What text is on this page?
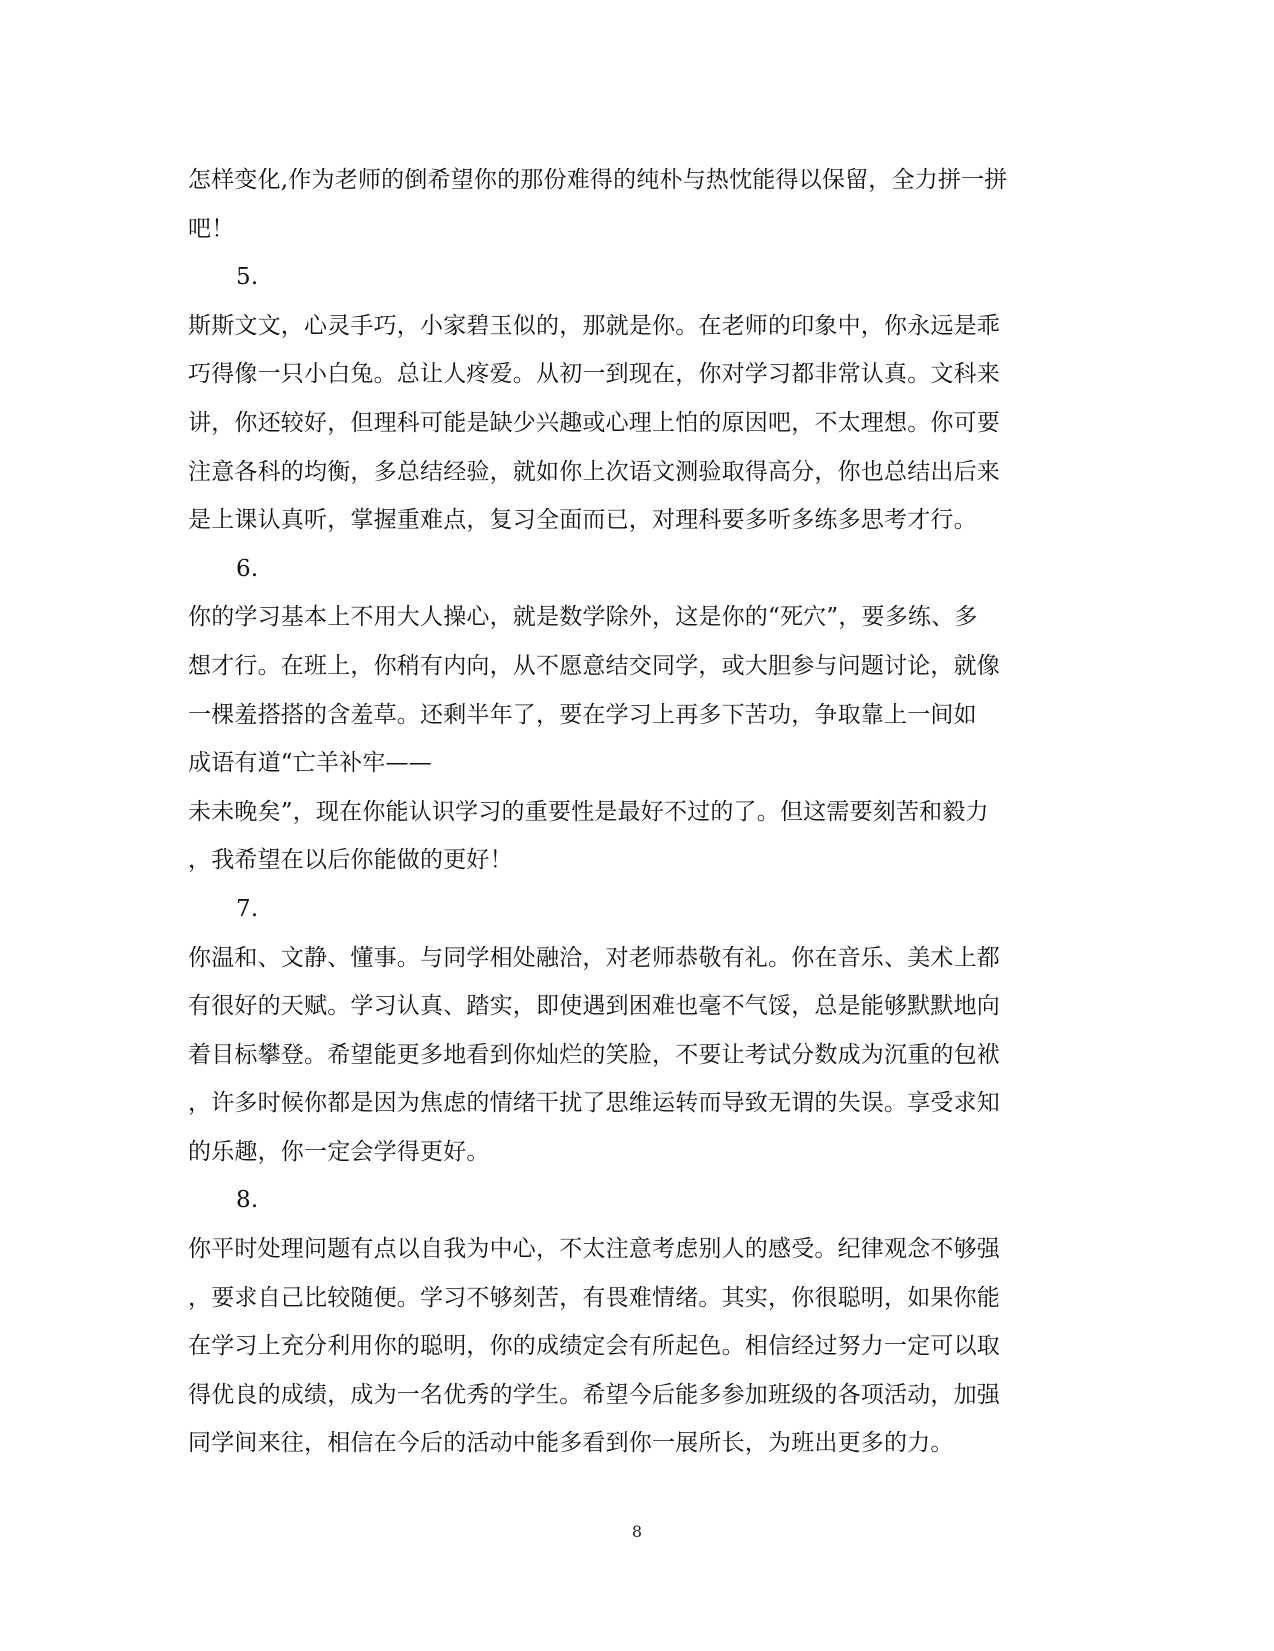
怎样变化,作为老师的倒希望你的那份难得的纯朴与热忱能得以保留，全力拼一拼
吧！
5.
斯斯文文，心灵手巧，小家碧玉似的，那就是你。在老师的印象中，你永远是乖
巧得像一只小白兔。总让人疼爱。从初一到现在，你对学习都非常认真。文科来
讲，你还较好，但理科可能是缺少兴趣或心理上怕的原因吧，不太理想。你可要
注意各科的均衡，多总结经验，就如你上次语文测验取得高分，你也总结出后来
是上课认真听，掌握重难点，复习全面而已，对理科要多听多练多思考才行。
6.
你的学习基本上不用大人操心，就是数学除外，这是你的“死穴”，要多练、多
想才行。在班上，你稍有内向，从不愿意结交同学，或大胆参与问题讨论，就像
一棵羞搭搭的含羞草。还剩半年了，要在学习上再多下苦功，争取靠上一间如
成语有道“亡羊补牢——
未未晚矣”，现在你能认识学习的重要性是最好不过的了。但这需要刻苦和毅力
，我希望在以后你能做的更好！
7.
你温和、文静、懂事。与同学相处融洽，对老师恭敬有礼。你在音乐、美术上都
有很好的天赋。学习认真、踏实，即使遇到困难也毫不气馁，总是能够默默地向
着目标攀登。希望能更多地看到你灿烂的笑脸，不要让考试分数成为沉重的包袱
，许多时候你都是因为焦虑的情绪干扰了思维运转而导致无谓的失误。享受求知
的乐趣，你一定会学得更好。
8.
你平时处理问题有点以自我为中心，不太注意考虑别人的感受。纪律观念不够强
，要求自己比较随便。学习不够刻苦，有畏难情绪。其实，你很聪明，如果你能
在学习上充分利用你的聪明，你的成绩定会有所起色。相信经过努力一定可以取
得优良的成绩，成为一名优秀的学生。希望今后能多参加班级的各项活动，加强
同学间来往，相信在今后的活动中能多看到你一展所长，为班出更多的力。
8
